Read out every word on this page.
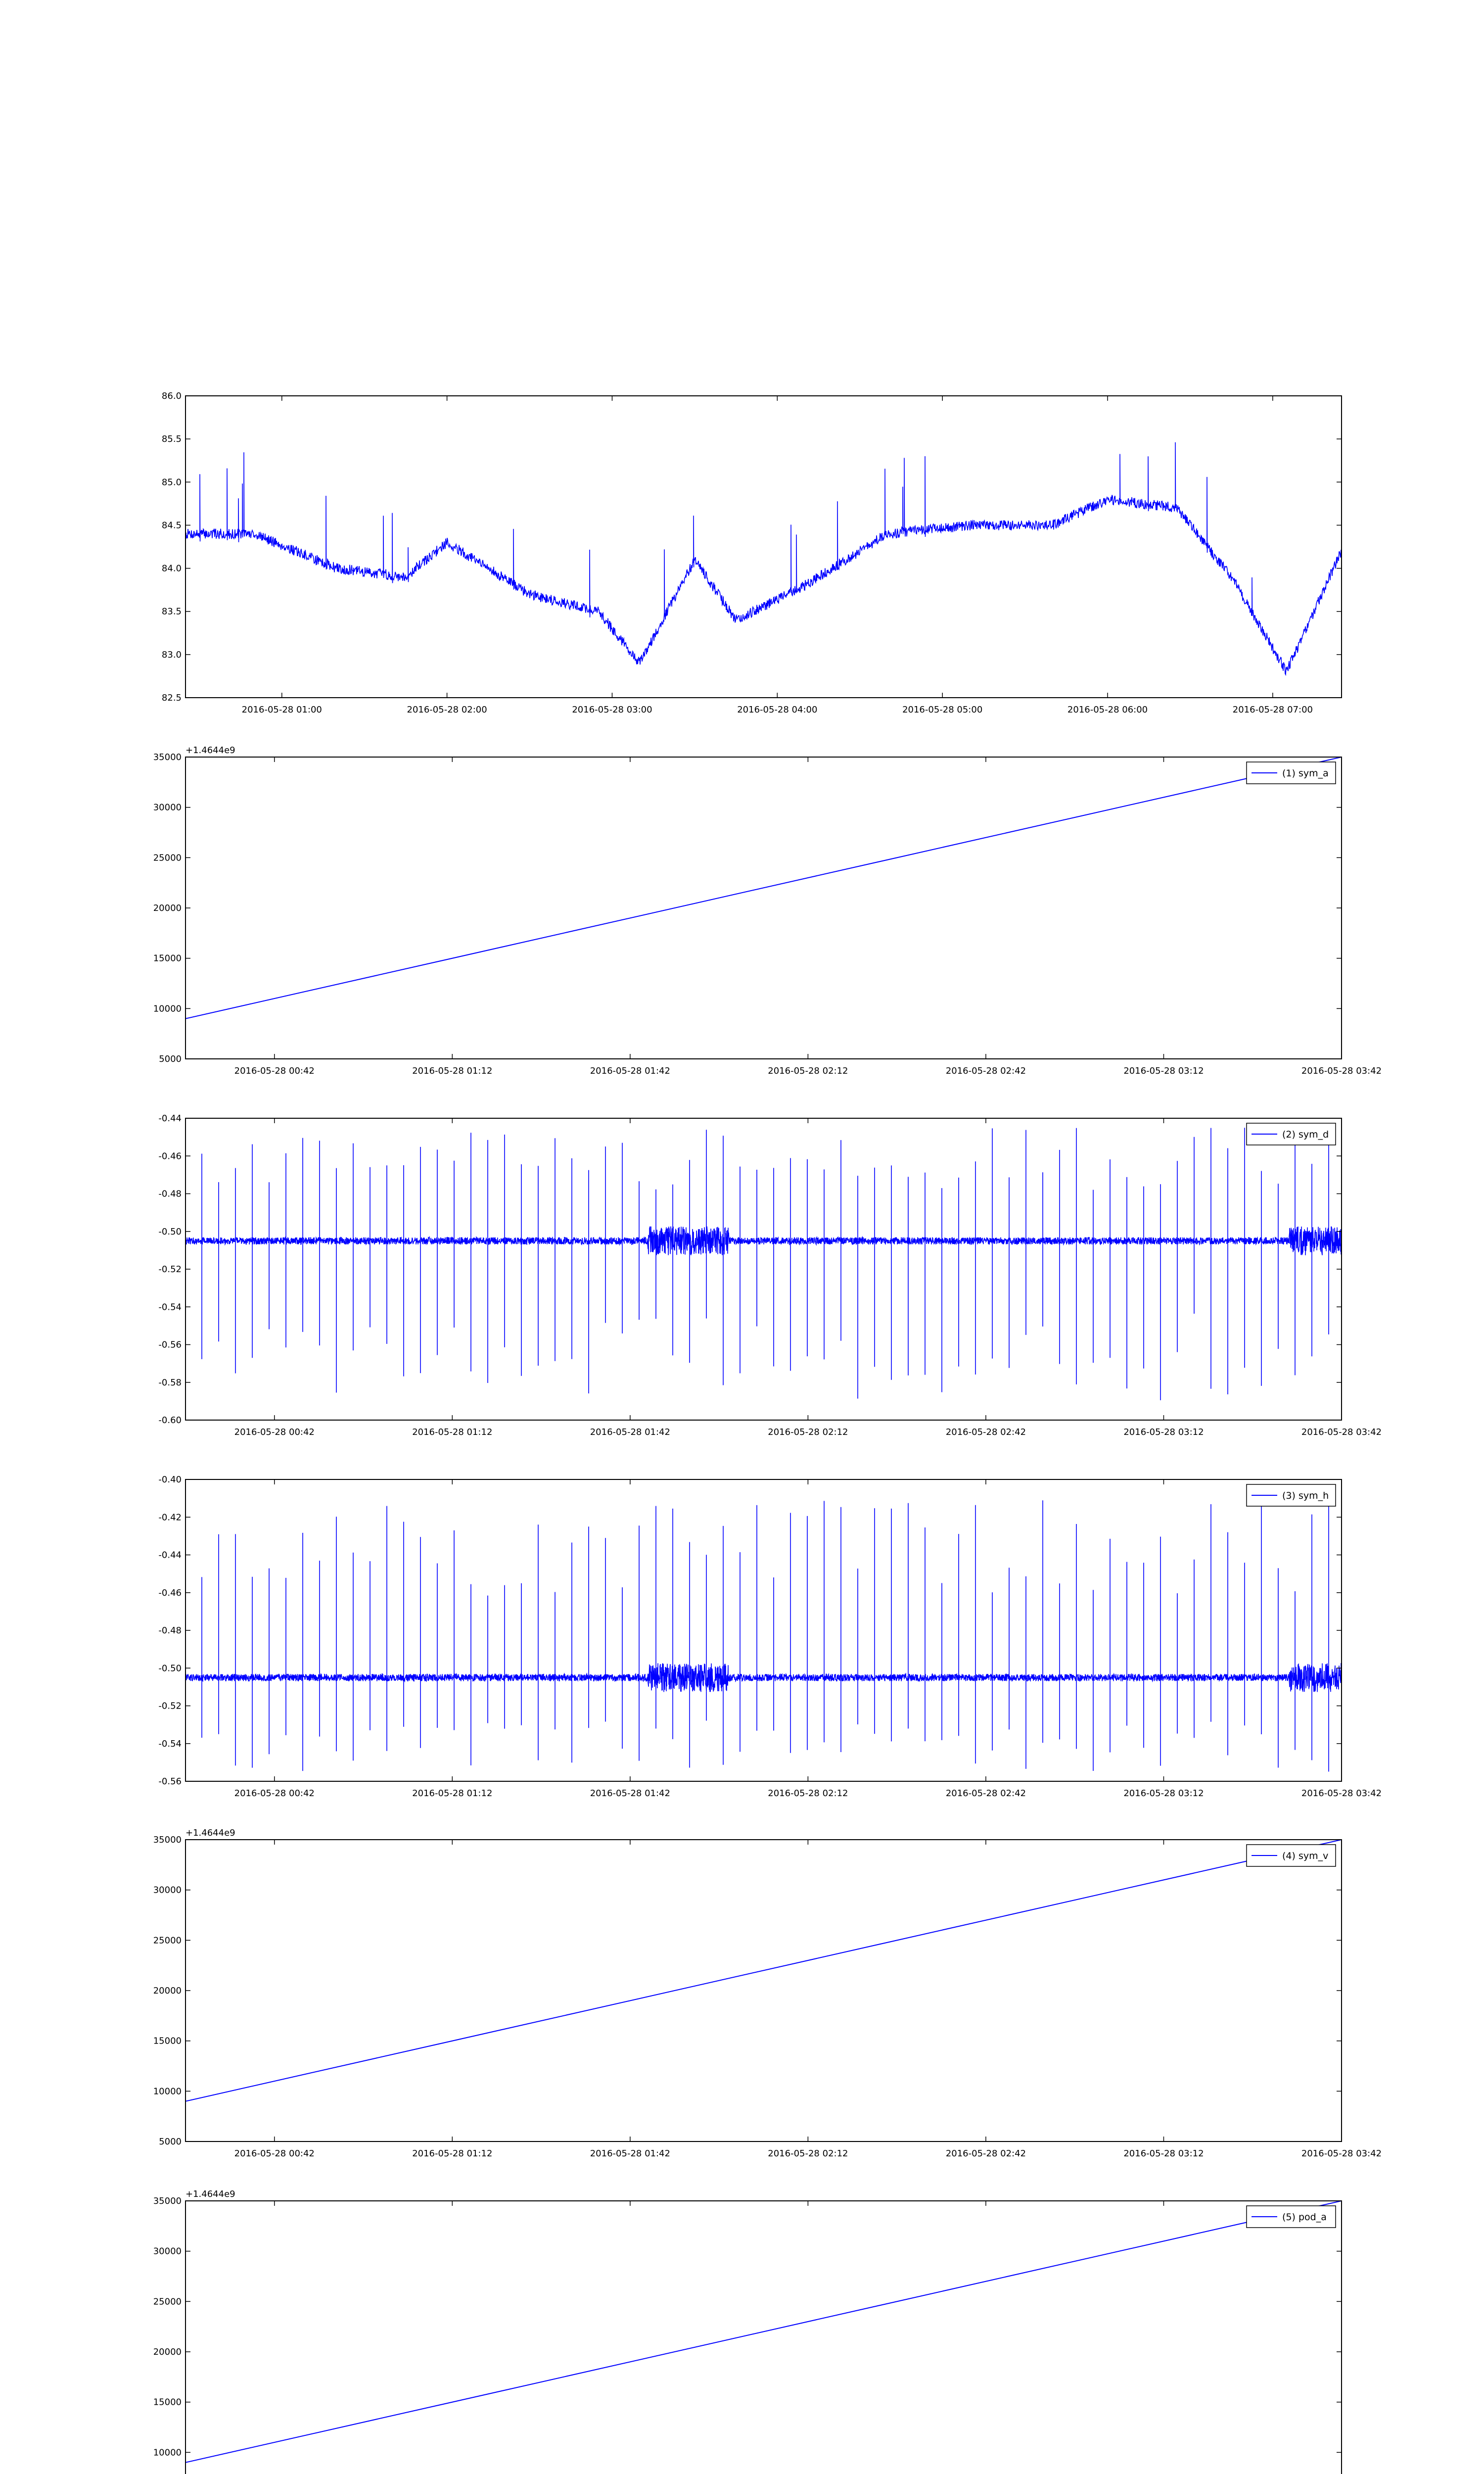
2016-05-28 01:00	2016-05-28 02:00	2016-05-28 03:00	2016-05-28 04:00	2016-05-28 05:00	2016-05-28 06:00	2016-05-28 07:00
82.5
83.0
83.5
84.0
84.5
85.0
85.5
86.0
2016-05-28 00:42	2016-05-28 01:12	2016-05-28 01:42	2016-05-28 02:12	2016-05-28 02:42	2016-05-28 03:12	2016-05-28 03:42
5000
10000
15000
20000
25000
30000
35000
+1.4644e9
(1) sym_a
2016-05-28 00:42	2016-05-28 01:12	2016-05-28 01:42	2016-05-28 02:12	2016-05-28 02:42	2016-05-28 03:12	2016-05-28 03:42
-0.60
-0.58
-0.56
-0.54
-0.52
-0.50
-0.48
-0.46
-0.44
(2) sym_d
2016-05-28 00:42	2016-05-28 01:12	2016-05-28 01:42	2016-05-28 02:12	2016-05-28 02:42	2016-05-28 03:12	2016-05-28 03:42
-0.56
-0.54
-0.52
-0.50
-0.48
-0.46
-0.44
-0.42
-0.40
(3) sym_h
2016-05-28 00:42	2016-05-28 01:12	2016-05-28 01:42	2016-05-28 02:12	2016-05-28 02:42	2016-05-28 03:12	2016-05-28 03:42
5000
10000
15000
20000
25000
30000
35000
+1.4644e9
(4) sym_v
10000
15000
20000
25000
30000
35000
+1.4644e9
(5) pod_a
